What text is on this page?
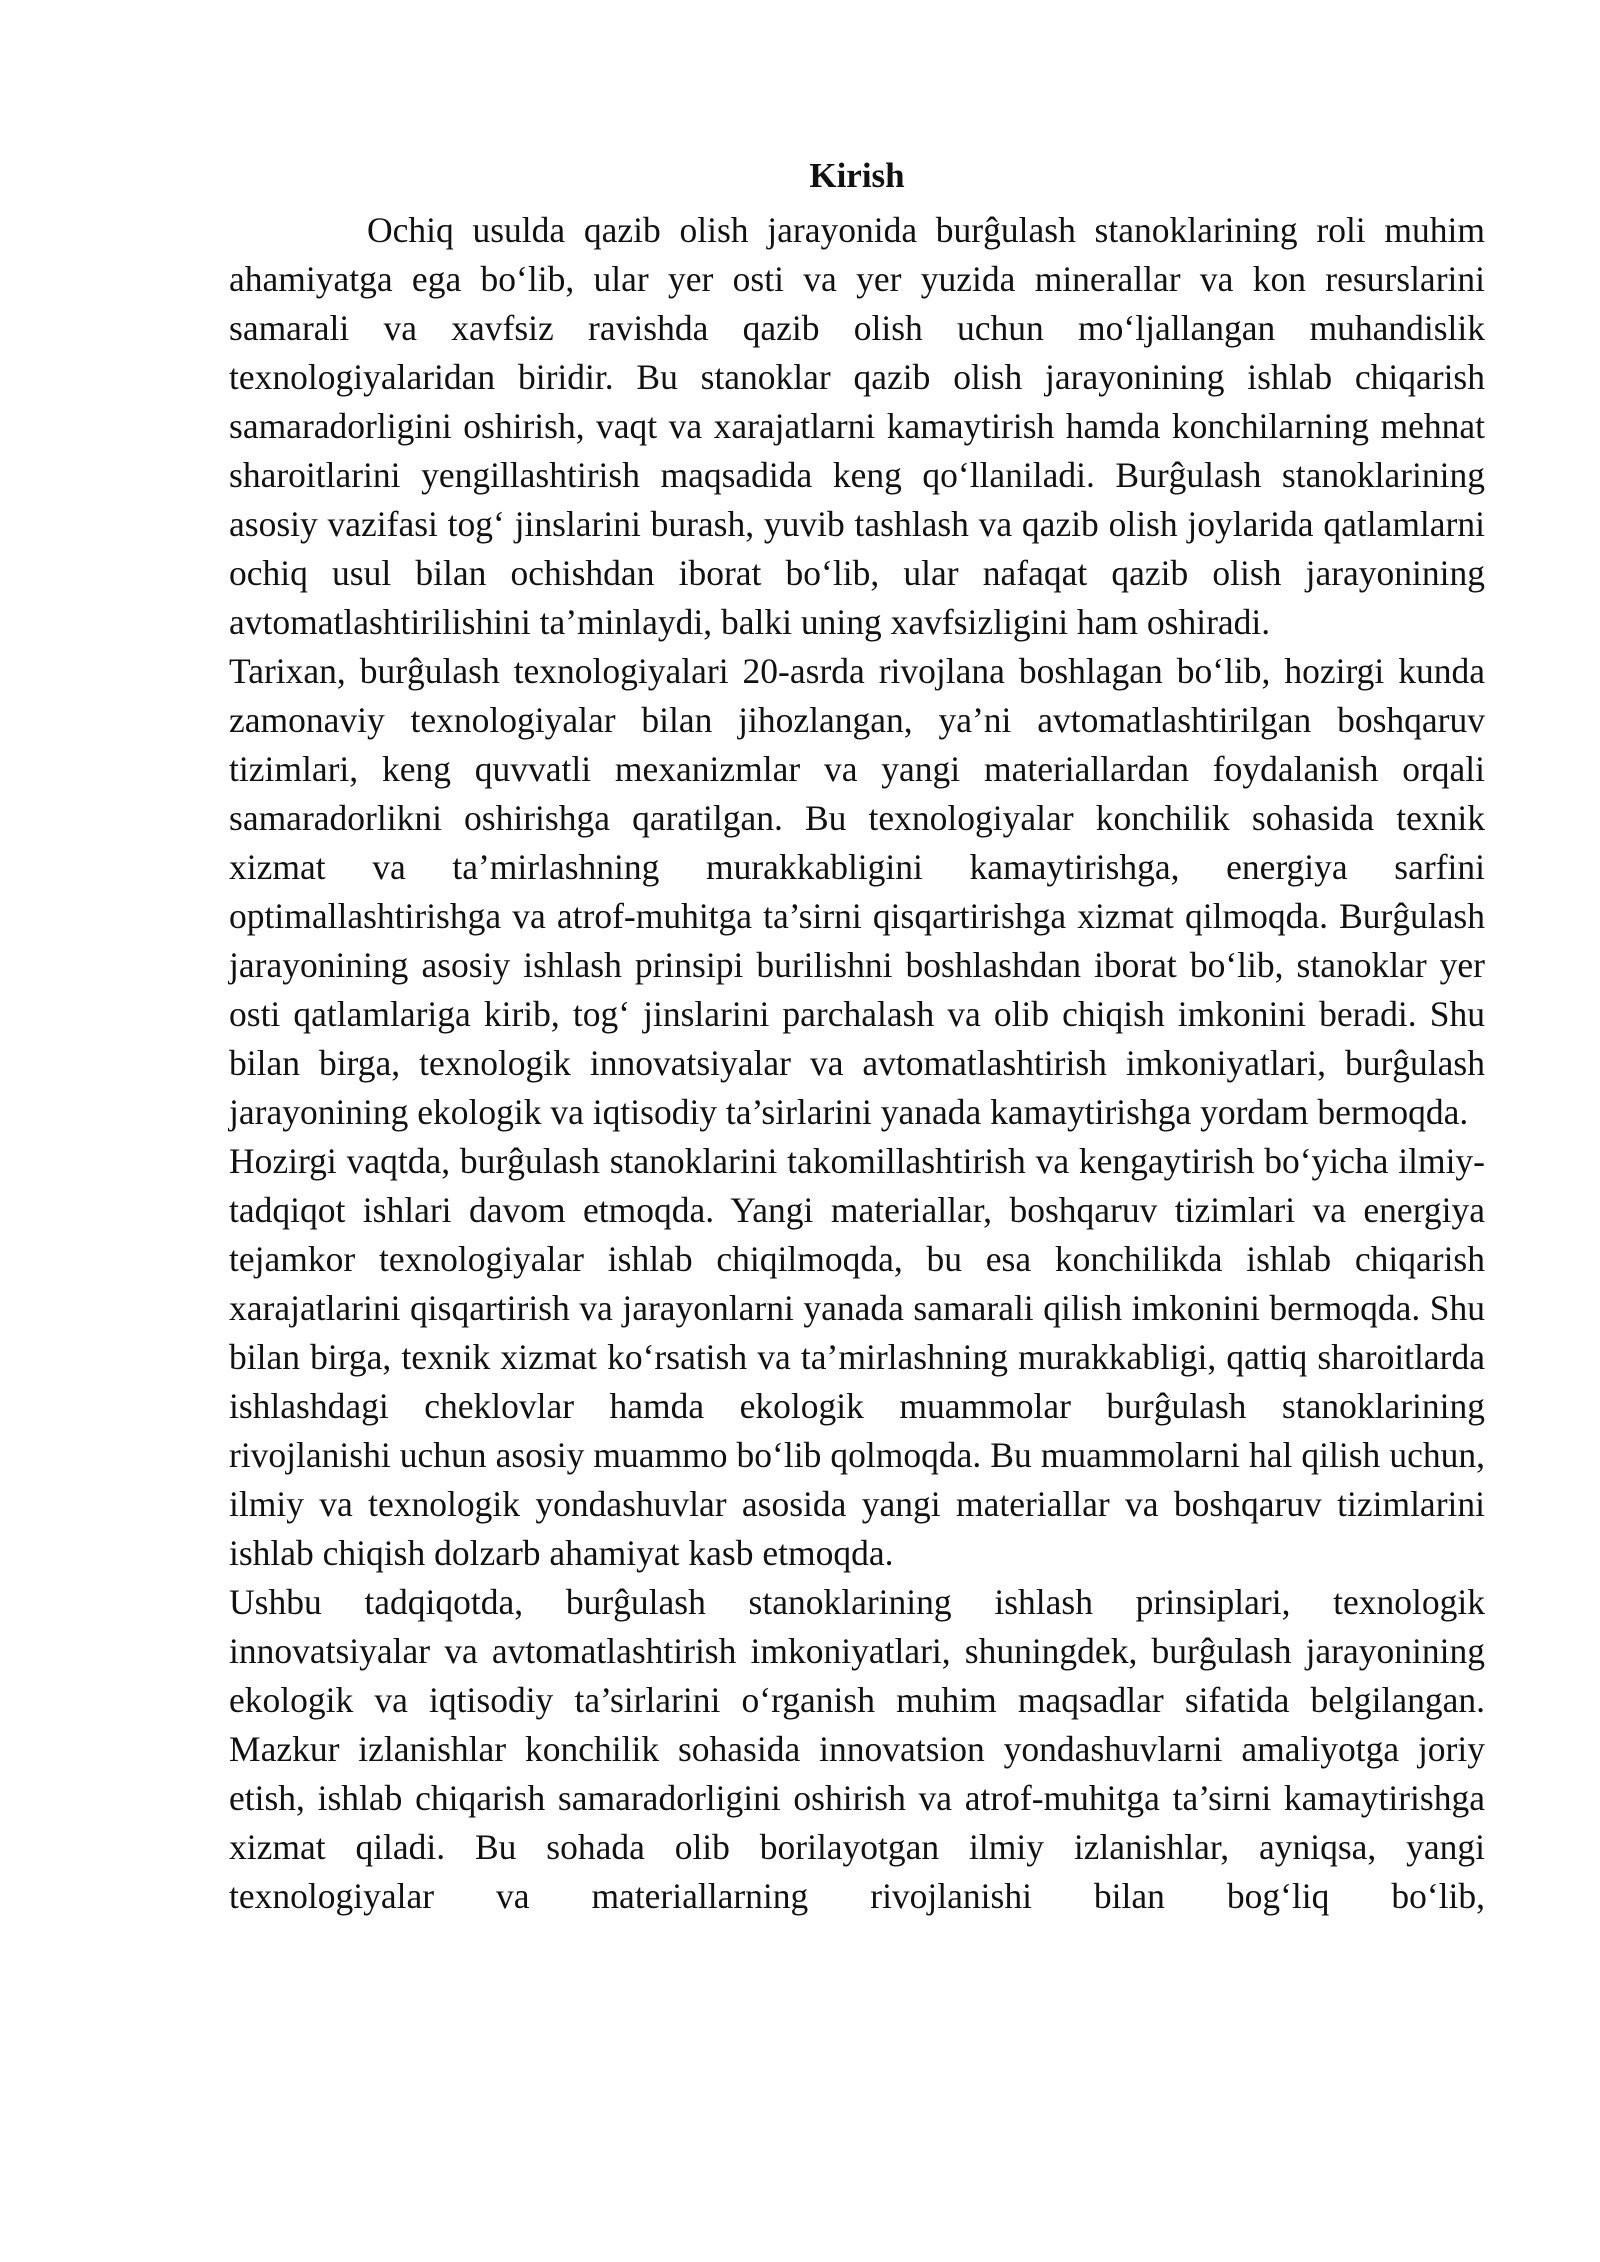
Kirish

Ochiq usulda qazib olish jarayonida burĝulash stanoklarining roli muhim ahamiyatga ega bo‘lib, ular yer osti va yer yuzida minerallar va kon resurslarini samarali va xavfsiz ravishda qazib olish uchun mo‘ljallangan muhandislik texnologiyalaridan biridir. Bu stanoklar qazib olish jarayonining ishlab chiqarish samaradorligini oshirish, vaqt va xarajatlarni kamaytirish hamda konchilarning mehnat sharoitlarini yengillashtirish maqsadida keng qo‘llaniladi. Burĝulash stanoklarining asosiy vazifasi tog‘ jinslarini burash, yuvib tashlash va qazib olish joylarida qatlamlarni ochiq usul bilan ochishdan iborat bo‘lib, ular nafaqat qazib olish jarayonining avtomatlashtirilishini ta’minlaydi, balki uning xavfsizligini ham oshiradi.

Tarixan, burĝulash texnologiyalari 20-asrda rivojlana boshlagan bo‘lib, hozirgi kunda zamonaviy texnologiyalar bilan jihozlangan, ya’ni avtomatlashtirilgan boshqaruv tizimlari, keng quvvatli mexanizmlar va yangi materiallardan foydalanish orqali samaradorlikni oshirishga qaratilgan. Bu texnologiyalar konchilik sohasida texnik xizmat va ta’mirlashning murakkabligini kamaytirishga, energiya sarfini optimallashtirishga va atrof-muhitga ta’sirni qisqartirishga xizmat qilmoqda. Burĝulash jarayonining asosiy ishlash prinsipi burilishni boshlashdan iborat bo‘lib, stanoklar yer osti qatlamlariga kirib, tog‘ jinslarini parchalash va olib chiqish imkonini beradi. Shu bilan birga, texnologik innovatsiyalar va avtomatlashtirish imkoniyatlari, burĝulash jarayonining ekologik va iqtisodiy ta’sirlarini yanada kamaytirishga yordam bermoqda.

Hozirgi vaqtda, burĝulash stanoklarini takomillashtirish va kengaytirish bo‘yicha ilmiy-tadqiqot ishlari davom etmoqda. Yangi materiallar, boshqaruv tizimlari va energiya tejamkor texnologiyalar ishlab chiqilmoqda, bu esa konchilikda ishlab chiqarish xarajatlarini qisqartirish va jarayonlarni yanada samarali qilish imkonini bermoqda. Shu bilan birga, texnik xizmat ko‘rsatish va ta’mirlashning murakkabligi, qattiq sharoitlarda ishlashdagi cheklovlar hamda ekologik muammolar burĝulash stanoklarining rivojlanishi uchun asosiy muammo bo‘lib qolmoqda. Bu muammolarni hal qilish uchun, ilmiy va texnologik yondashuvlar asosida yangi materiallar va boshqaruv tizimlarini ishlab chiqish dolzarb ahamiyat kasb etmoqda.

Ushbu tadqiqotda, burĝulash stanoklarining ishlash prinsiplari, texnologik innovatsiyalar va avtomatlashtirish imkoniyatlari, shuningdek, burĝulash jarayonining ekologik va iqtisodiy ta’sirlarini o‘rganish muhim maqsadlar sifatida belgilangan. Mazkur izlanishlar konchilik sohasida innovatsion yondashuvlarni amaliyotga joriy etish, ishlab chiqarish samaradorligini oshirish va atrof-muhitga ta’sirni kamaytirishga xizmat qiladi. Bu sohada olib borilayotgan ilmiy izlanishlar, ayniqsa, yangi texnologiyalar va materiallarning rivojlanishi bilan bog‘liq bo‘lib,
